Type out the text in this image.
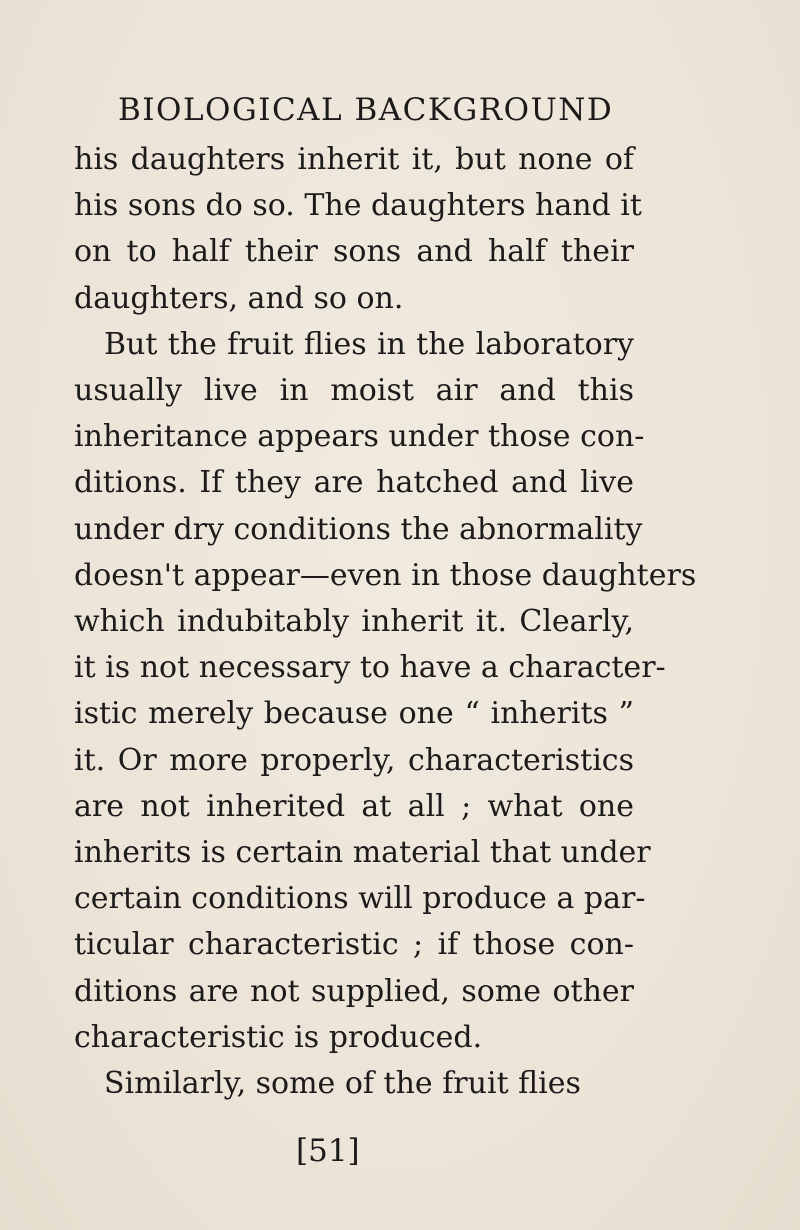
BIOLOGICAL BACKGROUND
his daughters inherit it, but none of
his sons do so. The daughters hand it
on to half their sons and half their
daughters, and so on.
But the fruit flies in the laboratory
usually live in moist air and this
inheritance appears under those con-
ditions. If they are hatched and live
under dry conditions the abnormality
doesn't appear—even in those daughters
which indubitably inherit it. Clearly,
it is not necessary to have a character-
istic merely because one “ inherits ”
it. Or more properly, characteristics
are not inherited at all ; what one
inherits is certain material that under
certain conditions will produce a par-
ticular characteristic ; if those con-
ditions are not supplied, some other
characteristic is produced.
Similarly, some of the fruit flies
[51]
